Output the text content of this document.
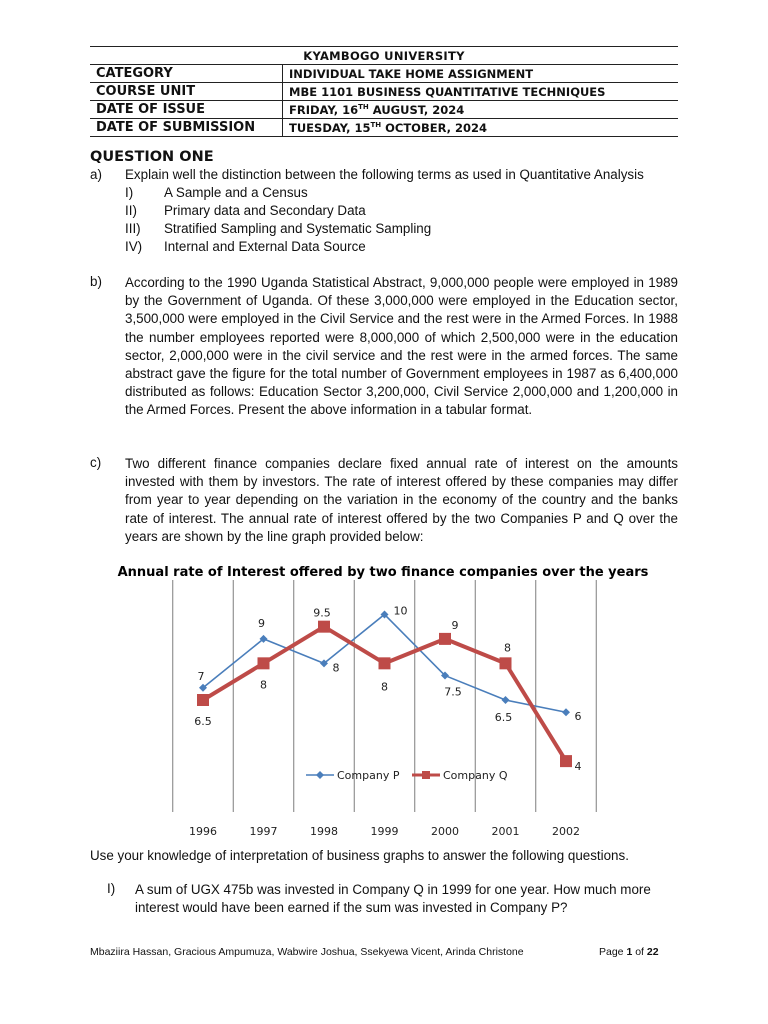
KYAMBOGO UNIVERSITY	
CATEGORY	INDIVIDUAL TAKE HOME ASSIGNMENT
COURSE UNIT	MBE 1101 BUSINESS QUANTITATIVE TECHNIQUES
DATE OF ISSUE	FRIDAY, 16TH AUGUST, 2024
DATE OF SUBMISSION	TUESDAY, 15TH OCTOBER, 2024
QUESTION ONE
a) Explain well the distinction between the following terms as used in Quantitative Analysis
I) A Sample and a Census
II) Primary data and Secondary Data
III) Stratified Sampling and Systematic Sampling
IV) Internal and External Data Source
b) According to the 1990 Uganda Statistical Abstract, 9,000,000 people were employed in 1989 by the Government of Uganda. Of these 3,000,000 were employed in the Education sector, 3,500,000 were employed in the Civil Service and the rest were in the Armed Forces. In 1988 the number employees reported were 8,000,000 of which 2,500,000 were in the education sector, 2,000,000 were in the civil service and the rest were in the armed forces. The same abstract gave the figure for the total number of Government employees in 1987 as 6,400,000 distributed as follows: Education Sector 3,200,000, Civil Service 2,000,000 and 1,200,000 in the Armed Forces. Present the above information in a tabular format.
c) Two different finance companies declare fixed annual rate of interest on the amounts invested with them by investors. The rate of interest offered by these companies may differ from year to year depending on the variation in the economy of the country and the banks rate of interest. The annual rate of interest offered by the two Companies P and Q over the years are shown by the line graph provided below:
Annual rate of Interest offered by two finance companies over the years
7
9
8
10
7.5
6.5	6
6.5
8
9.5
8
9
8
4
Company P	Company Q
1996	1997	1998	1999	2000	2001	2002
Use your knowledge of interpretation of business graphs to answer the following questions.
I) A sum of UGX 475b was invested in Company Q in 1999 for one year. How much more interest would have been earned if the sum was invested in Company P?
Mbaziira Hassan, Gracious Ampumuza, Wabwire Joshua, Ssekyewa Vicent, Arinda Christone	Page 1 of 22
